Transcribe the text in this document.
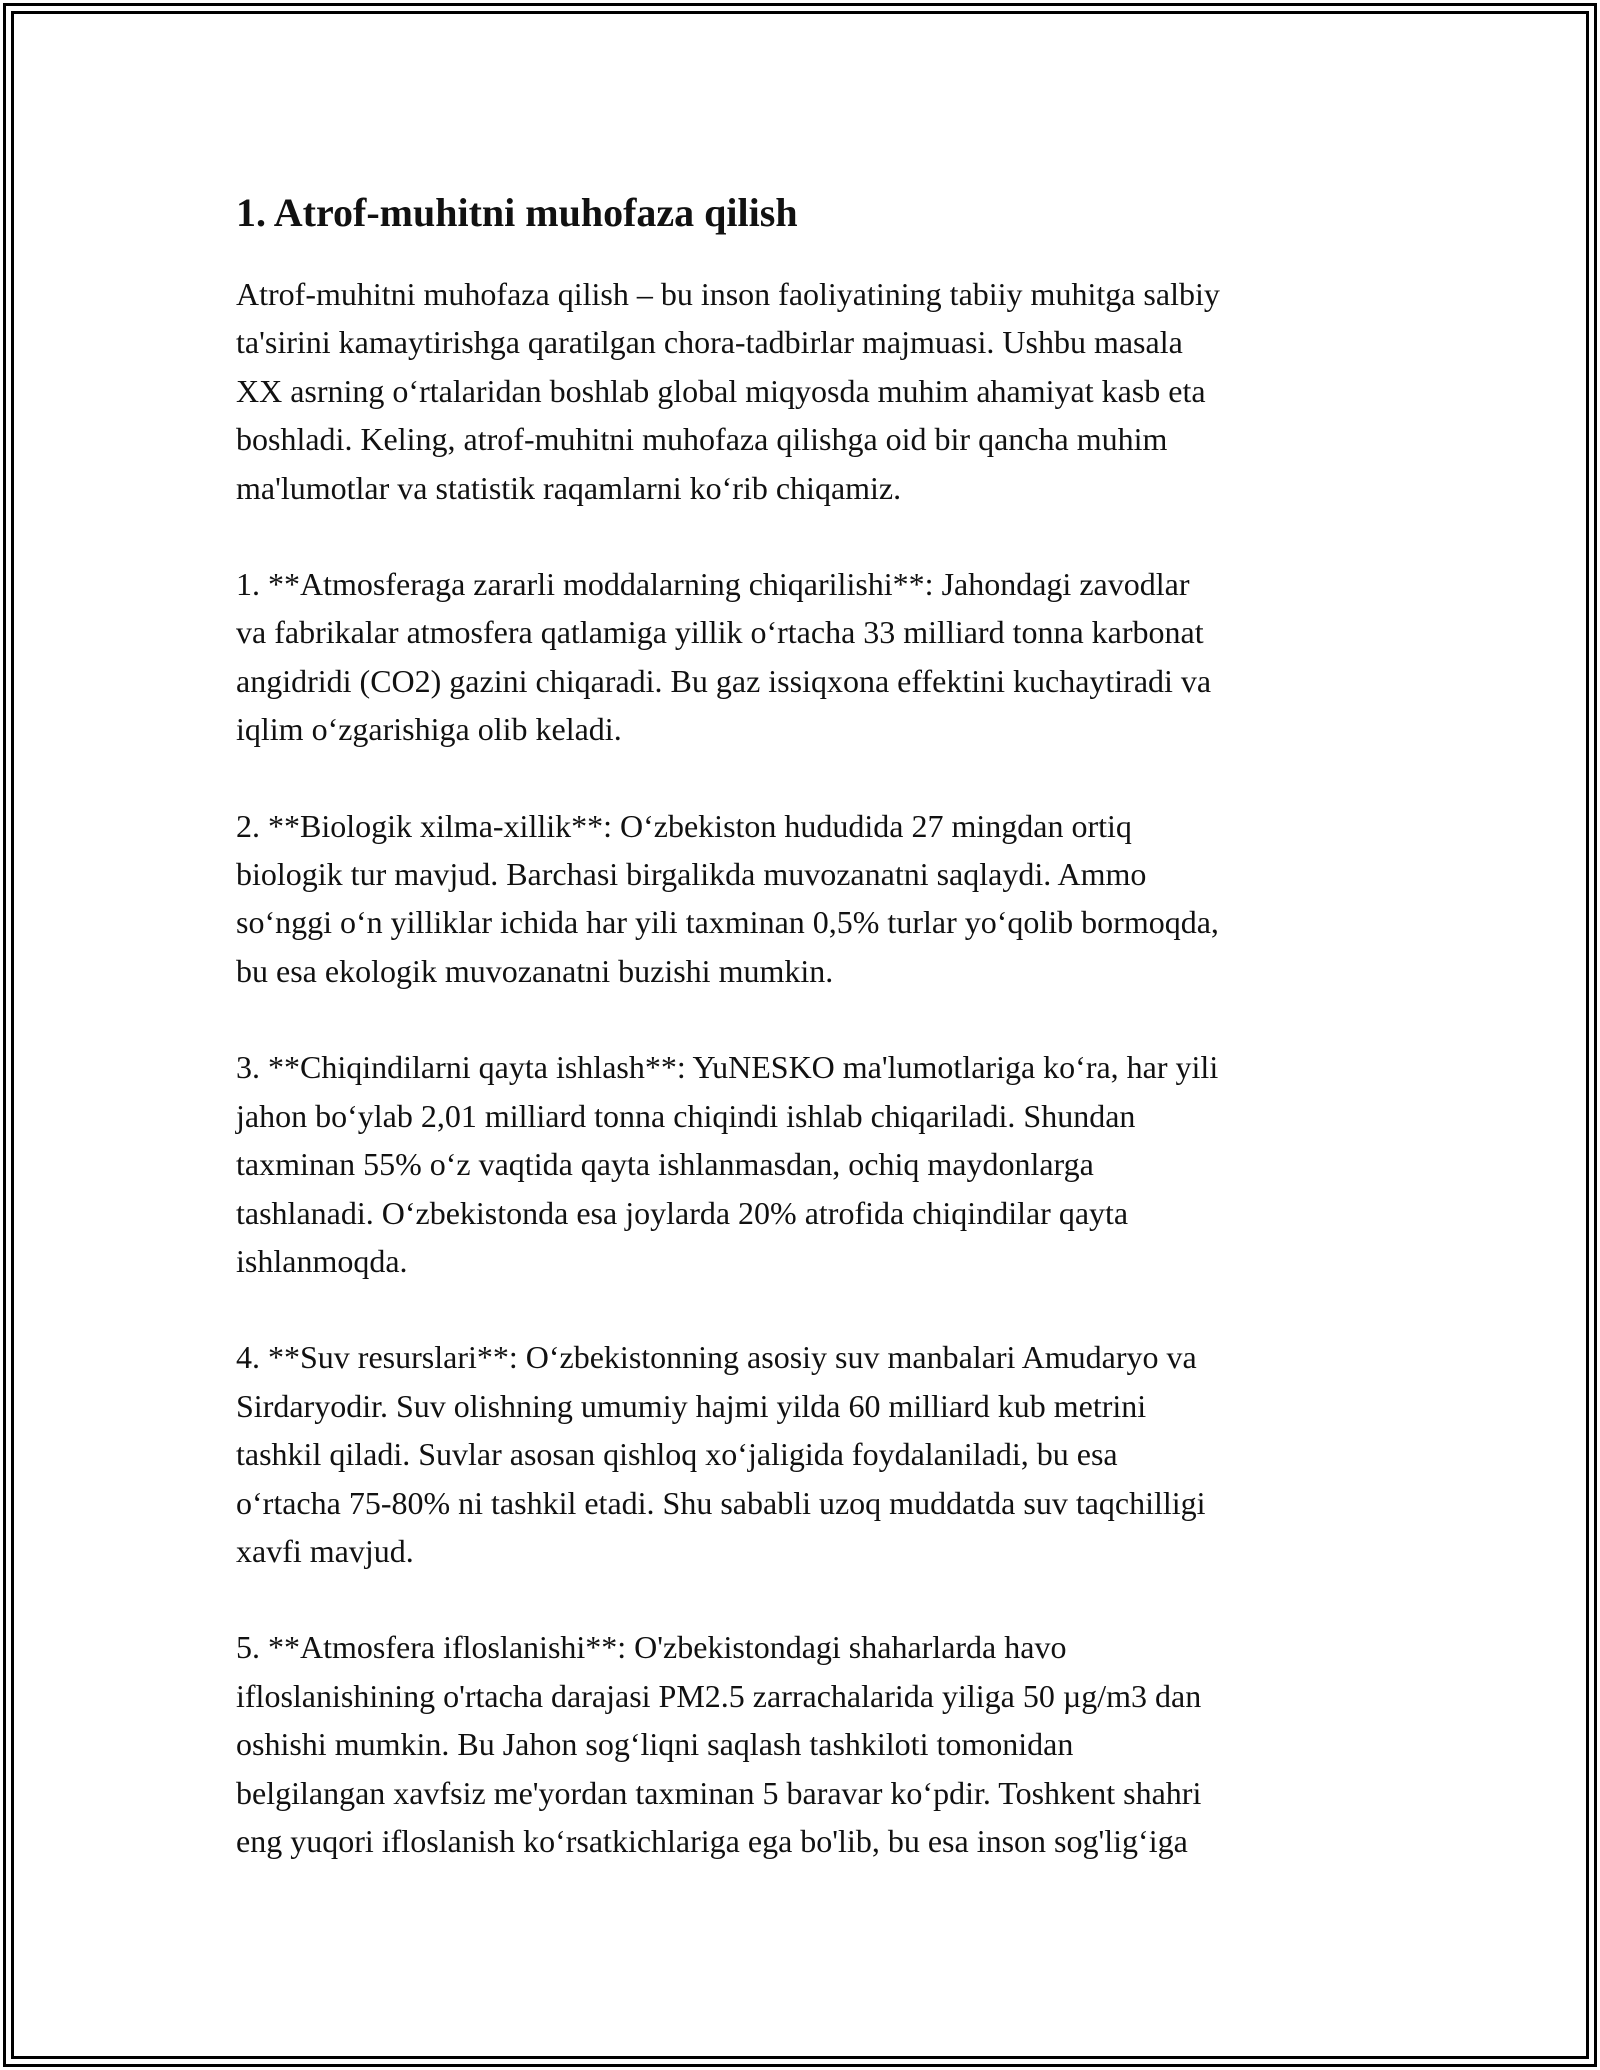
1. Atrof-muhitni muhofaza qilish

Atrof-muhitni muhofaza qilish – bu inson faoliyatining tabiiy muhitga salbiy
ta'sirini kamaytirishga qaratilgan chora-tadbirlar majmuasi. Ushbu masala
XX asrning o‘rtalaridan boshlab global miqyosda muhim ahamiyat kasb eta
boshladi. Keling, atrof-muhitni muhofaza qilishga oid bir qancha muhim
ma'lumotlar va statistik raqamlarni ko‘rib chiqamiz.

1. **Atmosferaga zararli moddalarning chiqarilishi**: Jahondagi zavodlar
va fabrikalar atmosfera qatlamiga yillik o‘rtacha 33 milliard tonna karbonat
angidridi (CO2) gazini chiqaradi. Bu gaz issiqxona effektini kuchaytiradi va
iqlim o‘zgarishiga olib keladi.

2. **Biologik xilma-xillik**: O‘zbekiston hududida 27 mingdan ortiq
biologik tur mavjud. Barchasi birgalikda muvozanatni saqlaydi. Ammo
so‘nggi o‘n yilliklar ichida har yili taxminan 0,5% turlar yo‘qolib bormoqda,
bu esa ekologik muvozanatni buzishi mumkin.

3. **Chiqindilarni qayta ishlash**: YuNESKO ma'lumotlariga ko‘ra, har yili
jahon bo‘ylab 2,01 milliard tonna chiqindi ishlab chiqariladi. Shundan
taxminan 55% o‘z vaqtida qayta ishlanmasdan, ochiq maydonlarga
tashlanadi. O‘zbekistonda esa joylarda 20% atrofida chiqindilar qayta
ishlanmoqda.

4. **Suv resurslari**: O‘zbekistonning asosiy suv manbalari Amudaryo va
Sirdaryodir. Suv olishning umumiy hajmi yilda 60 milliard kub metrini
tashkil qiladi. Suvlar asosan qishloq xo‘jaligida foydalaniladi, bu esa
o‘rtacha 75-80% ni tashkil etadi. Shu sababli uzoq muddatda suv taqchilligi
xavfi mavjud.

5. **Atmosfera ifloslanishi**: O'zbekistondagi shaharlarda havo
ifloslanishining o'rtacha darajasi PM2.5 zarrachalarida yiliga 50 µg/m3 dan
oshishi mumkin. Bu Jahon sog‘liqni saqlash tashkiloti tomonidan
belgilangan xavfsiz me'yordan taxminan 5 baravar ko‘pdir. Toshkent shahri
eng yuqori ifloslanish ko‘rsatkichlariga ega bo'lib, bu esa inson sog'lig‘iga
